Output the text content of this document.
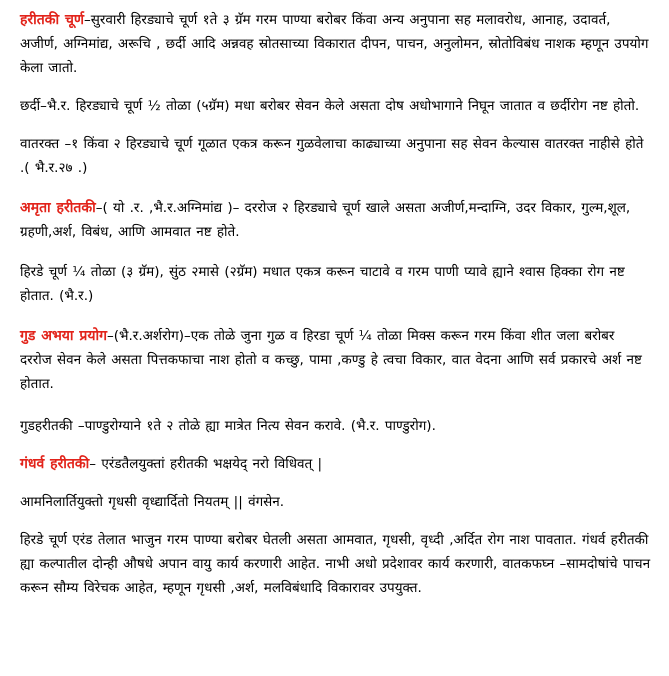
हरीतकी चूर्ण–सुरवारी हिरड्याचे चूर्ण १ते ३ ग्रॅम गरम पाण्या बरोबर किंवा अन्य अनुपाना सह मलावरोध, आनाह, उदावर्त, अजीर्ण, अग्निमांद्य, अरूचि , छर्दी आदि अन्नवह स्रोतसाच्या विकारात दीपन, पाचन, अनुलोमन, स्रोतोविबंध नाशक म्हणून उपयोग केला जातो.

छर्दी–भै.र. हिरड्याचे चूर्ण ½ तोळा (५ग्रॅम) मधा बरोबर सेवन केले असता दोष अधोभागाने निघून जातात व छर्दीरोग नष्ट होतो.

वातरक्त –१ किंवा २ हिरड्याचे चूर्ण गूळात एकत्र करून गुळवेलाचा काढ्याच्या अनुपाना सह सेवन केल्यास वातरक्त नाहीसे होते .( भै.र.२७ .)

अमृता हरीतकी–( यो .र. ,भै.र.अग्निमांद्य )– दररोज २ हिरड्याचे चूर्ण खाले असता अजीर्ण,मन्दाग्नि, उदर विकार, गुल्म,शूल, ग्रहणी,अर्श, विबंध, आणि आमवात नष्ट होते.

हिरडे चूर्ण ¼ तोळा (३ ग्रॅम), सुंठ २मासे (२ग्रॅम) मधात एकत्र करून चाटावे व गरम पाणी प्यावे ह्याने श्वास हिक्का रोग नष्ट होतात. (भै.र.)

गुड अभया प्रयोग–(भै.र.अर्शरोग)–एक तोळे जुना गुळ व हिरडा चूर्ण ¼ तोळा मिक्स करून गरम किंवा शीत जला बरोबर दररोज सेवन केले असता पित्तकफाचा नाश होतो व कच्छु, पामा ,कण्डु हे त्वचा विकार, वात वेदना आणि सर्व प्रकारचे अर्श नष्ट होतात.

गुडहरीतकी –पाण्डुरोग्याने १ते २ तोळे ह्या मात्रेत नित्य सेवन करावे. (भै.र. पाण्डुरोग).

गंधर्व हरीतकी– एरंडतैलयुक्तां हरीतकी भक्षयेद् नरो विधिवत् |

आमनिलार्तियुक्तो गृधसी वृध्द्यार्दितो नियतम् || वंगसेन.

हिरडे चूर्ण एरंड तेलात भाजुन गरम पाण्या बरोबर घेतली असता आमवात, गृधसी, वृध्दी ,अर्दित रोग नाश पावतात. गंधर्व हरीतकी ह्या कल्पातील दोन्ही औषधे अपान वायु कार्य करणारी आहेत. नाभी अधो प्रदेशावर कार्य करणारी, वातकफघ्न –सामदोषांचे पाचन करून सौम्य विरेचक आहेत, म्हणून गृधसी ,अर्श, मलविबंधादि विकारावर उपयुक्त.
